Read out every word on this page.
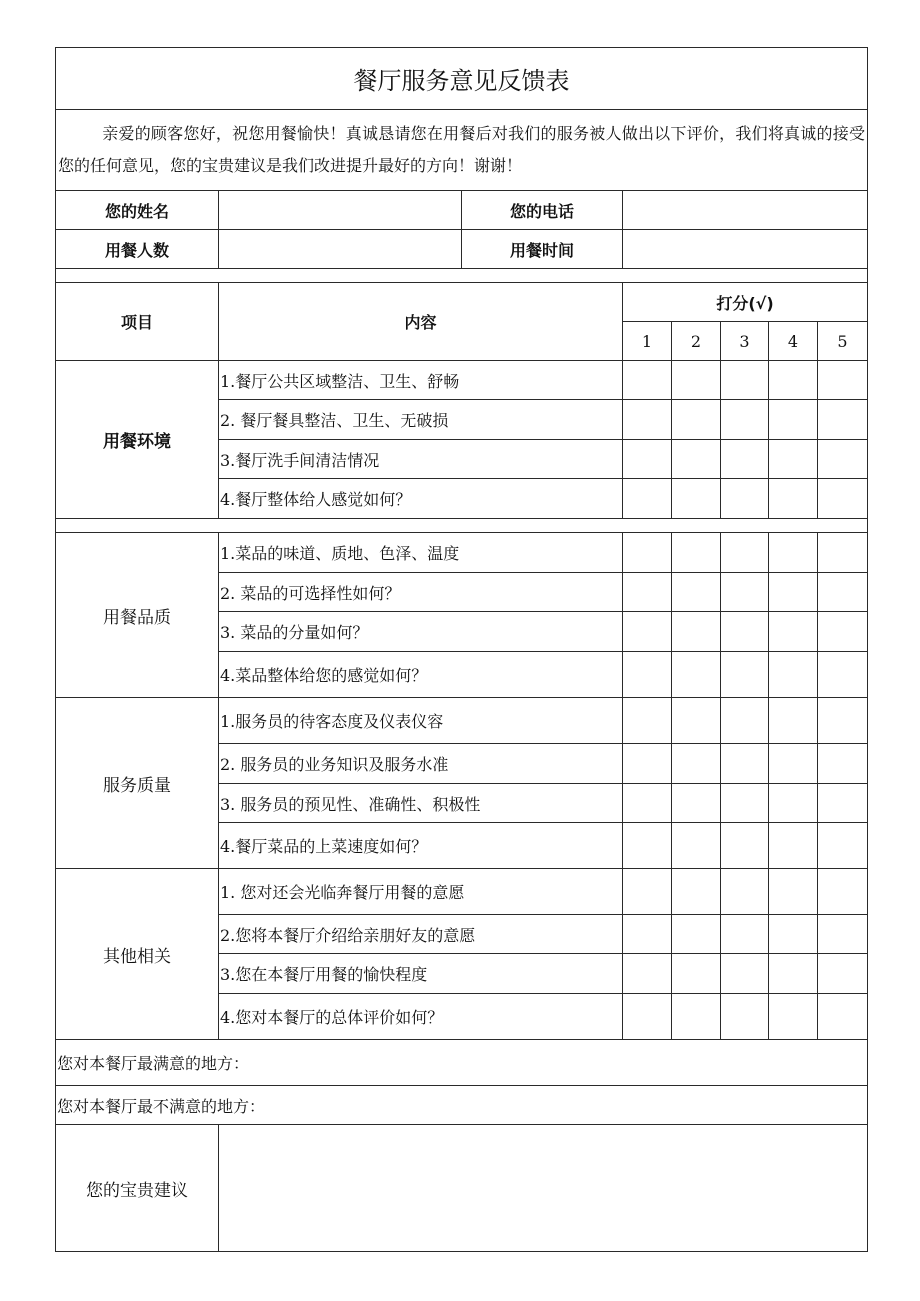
餐厅服务意见反馈表							
亲爱的顾客您好，祝您用餐愉快！真诚恳请您在用餐后对我们的服务被人做出以下评价，我们将真诚的接受您的任何意见，您的宝贵建议是我们改进提升最好的方向！谢谢！							
您的姓名		您的电话					
用餐人数		用餐时间					

项目	内容		打分(√)				
			1	2	3	4	5
用餐环境	1.餐厅公共区域整洁、卫生、舒畅						
	2. 餐厅餐具整洁、卫生、无破损						
	3.餐厅洗手间清洁情况						
	4.餐厅整体给人感觉如何？						

用餐品质	1.菜品的味道、质地、色泽、温度						
	2. 菜品的可选择性如何？						
	3. 菜品的分量如何？						
	4.菜品整体给您的感觉如何？						
服务质量	1.服务员的待客态度及仪表仪容						
	2. 服务员的业务知识及服务水准						
	3. 服务员的预见性、准确性、积极性						
	4.餐厅菜品的上菜速度如何？						
其他相关	1. 您对还会光临奔餐厅用餐的意愿						
	2.您将本餐厅介绍给亲朋好友的意愿						
	3.您在本餐厅用餐的愉快程度						
	4.您对本餐厅的总体评价如何？						
您对本餐厅最满意的地方：							
您对本餐厅最不满意的地方：							
您的宝贵建议							
